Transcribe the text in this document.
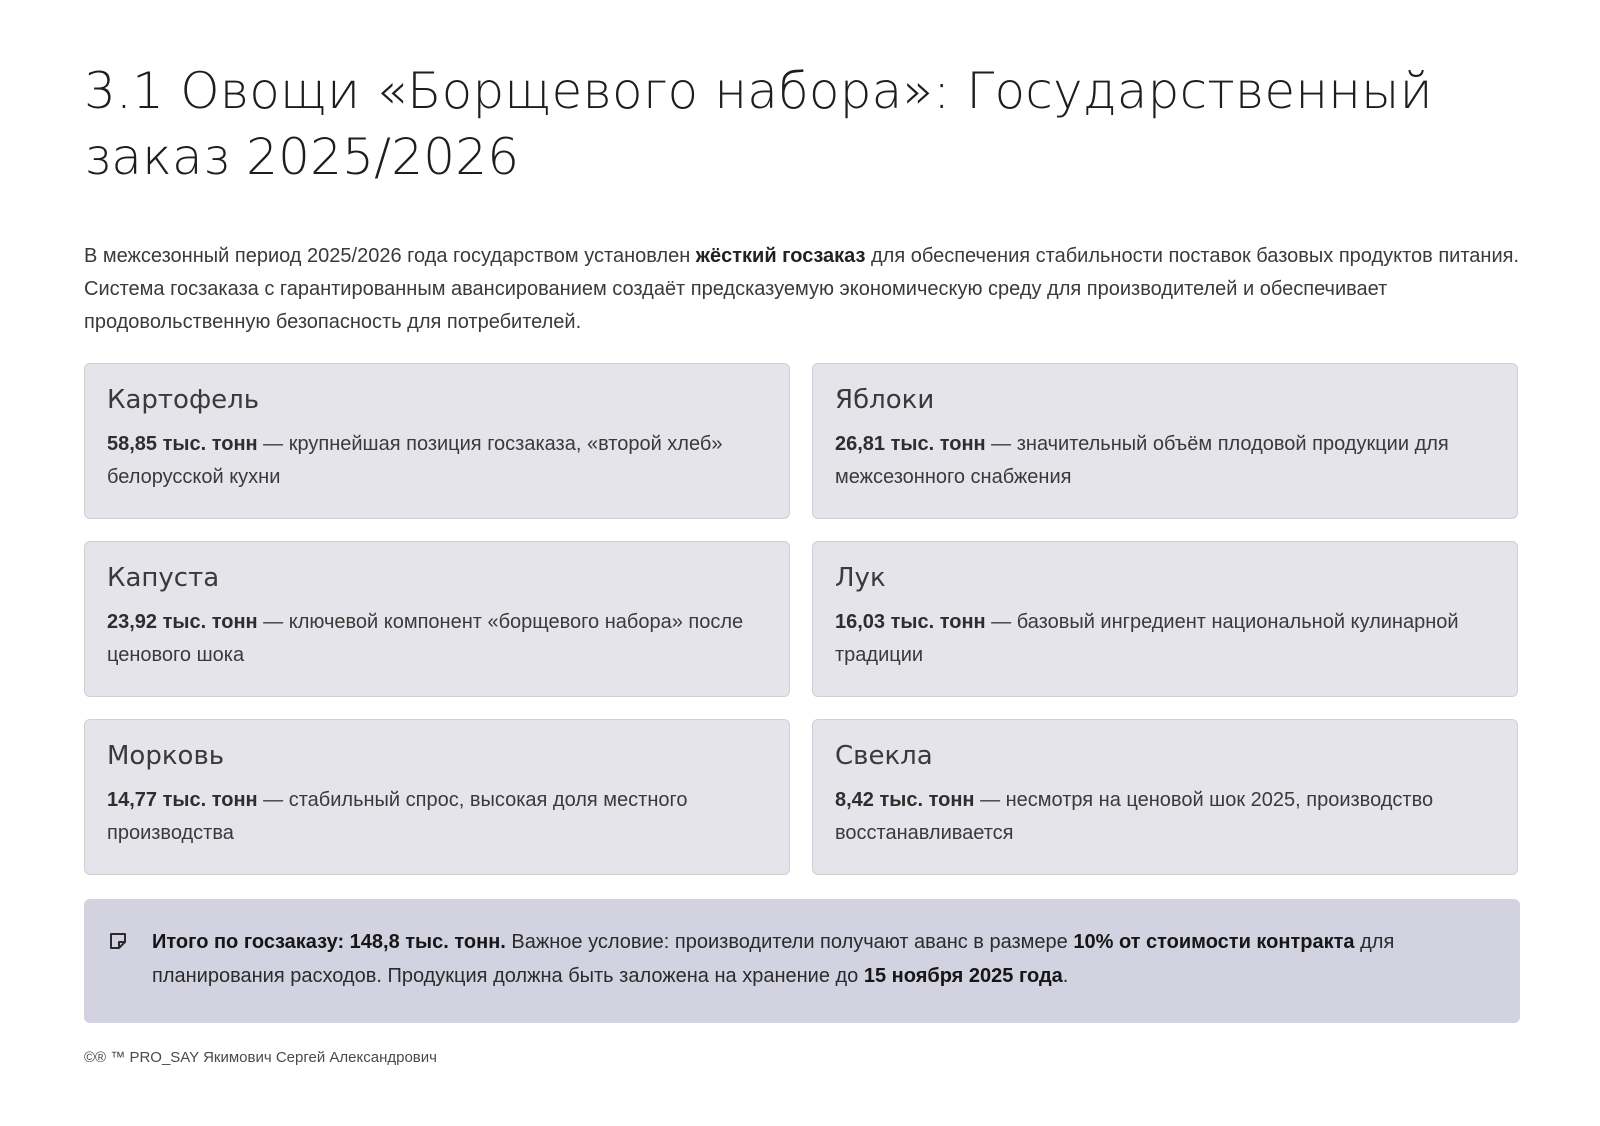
3.1 Овощи «Борщевого набора»: Государственный заказ 2025/2026

В межсезонный период 2025/2026 года государством установлен жёсткий госзаказ для обеспечения стабильности поставок базовых продуктов питания. Система госзаказа с гарантированным авансированием создаёт предсказуемую экономическую среду для производителей и обеспечивает продовольственную безопасность для потребителей.

Картофель
58,85 тыс. тонн — крупнейшая позиция госзаказа, «второй хлеб» белорусской кухни
Яблоки
26,81 тыс. тонн — значительный объём плодовой продукции для межсезонного снабжения
Капуста
23,92 тыс. тонн — ключевой компонент «борщевого набора» после ценового шока
Лук
16,03 тыс. тонн — базовый ингредиент национальной кулинарной традиции
Морковь
14,77 тыс. тонн — стабильный спрос, высокая доля местного производства
Свекла
8,42 тыс. тонн — несмотря на ценовой шок 2025, производство восстанавливается
Итого по госзаказу: 148,8 тыс. тонн. Важное условие: производители получают аванс в размере 10% от стоимости контракта для планирования расходов. Продукция должна быть заложена на хранение до 15 ноября 2025 года.
©® ™ PRO_SAY Якимович Сергей Александрович
